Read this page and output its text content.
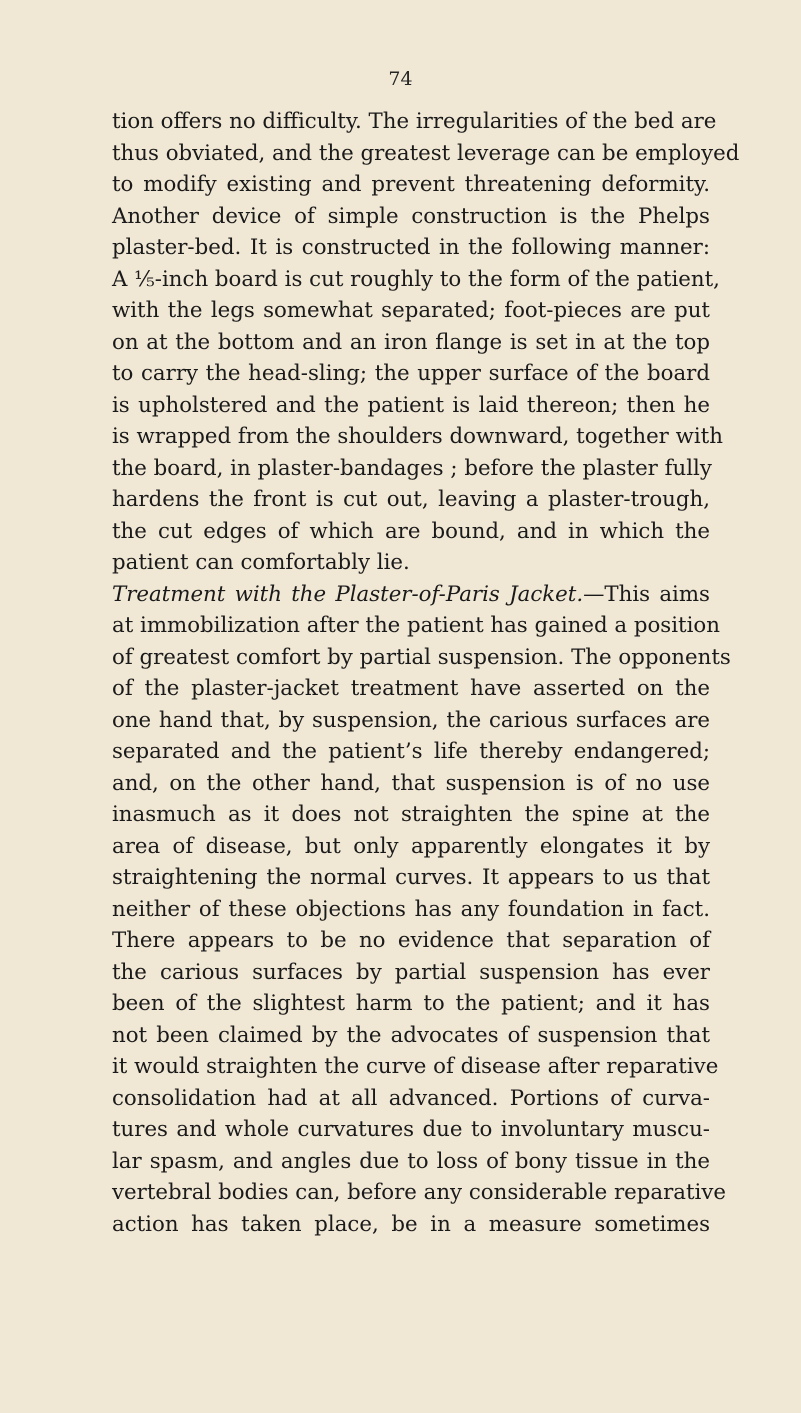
74
tion offers no difficulty. The irregularities of the bed are
thus obviated, and the greatest leverage can be employed
to modify existing and prevent threatening deformity.
Another device of simple construction is the Phelps
plaster-bed. It is constructed in the following manner:
A ⅕-inch board is cut roughly to the form of the patient,
with the legs somewhat separated; foot-pieces are put
on at the bottom and an iron flange is set in at the top
to carry the head-sling; the upper surface of the board
is upholstered and the patient is laid thereon; then he
is wrapped from the shoulders downward, together with
the board, in plaster-bandages ; before the plaster fully
hardens the front is cut out, leaving a plaster-trough,
the cut edges of which are bound, and in which the
patient can comfortably lie.
Treatment with the Plaster-of-Paris Jacket.—This aims
at immobilization after the patient has gained a position
of greatest comfort by partial suspension. The opponents
of the plaster-jacket treatment have asserted on the
one hand that, by suspension, the carious surfaces are
separated and the patient’s life thereby endangered;
and, on the other hand, that suspension is of no use
inasmuch as it does not straighten the spine at the
area of disease, but only apparently elongates it by
straightening the normal curves. It appears to us that
neither of these objections has any foundation in fact.
There appears to be no evidence that separation of
the carious surfaces by partial suspension has ever
been of the slightest harm to the patient; and it has
not been claimed by the advocates of suspension that
it would straighten the curve of disease after reparative
consolidation had at all advanced. Portions of curva-
tures and whole curvatures due to involuntary muscu-
lar spasm, and angles due to loss of bony tissue in the
vertebral bodies can, before any considerable reparative
action has taken place, be in a measure sometimes
